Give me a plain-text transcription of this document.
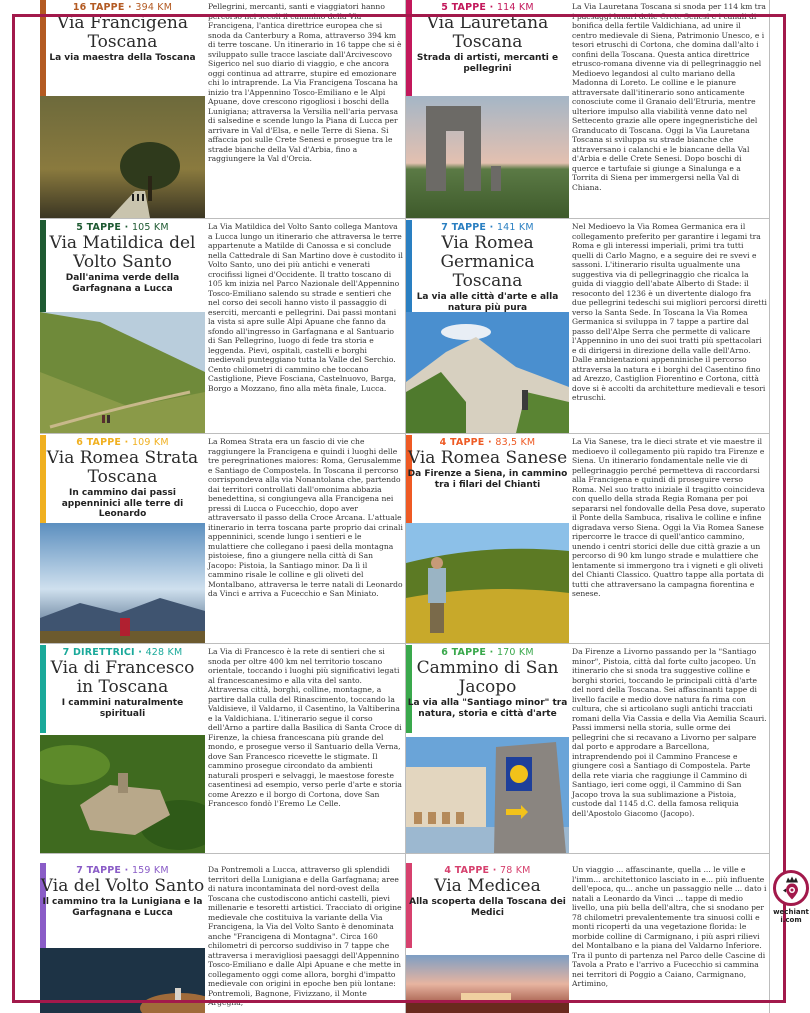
16 TAPPE · 394 KM
Via Francigena Toscana
La via maestra della Toscana
Pellegrini, mercanti, santi e viaggiatori hanno percorso nei secoli il cammino della Via Francigena, l'antica direttrice europea che si snoda da Canterbury a Roma, attraverso 394 km di terre toscane. Un itinerario in 16 tappe che si è sviluppato sulle tracce lasciate dall'Arcivescovo Sigerico nel suo diario di viaggio, e che ancora oggi continua ad attrarre, stupire ed emozionare chi lo intraprende. La Via Francigena Toscana ha inizio tra l'Appennino Tosco-Emiliano e le Alpi Apuane, dove crescono rigogliosi i boschi della Lunigiana; attraversa la Versilia nell'aria pervasa di salsedine e scende lungo la Piana di Lucca per arrivare in Val d'Elsa, e nelle Terre di Siena. Si affaccia poi sulle Crete Senesi e prosegue tra le strade bianche della Val d'Arbia, fino a raggiungere la Val d'Orcia.
5 TAPPE · 114 KM
Via Lauretana Toscana
Strada di artisti, mercanti e pellegrini
La Via Lauretana Toscana si snoda per 114 km tra i paesaggi lunari delle Crete Senesi e i canali di bonifica della fertile Valdichiana, ad unire il centro medievale di Siena, Patrimonio Unesco, e i tesori etruschi di Cortona, che domina dall'alto i confini della Toscana. Questa antica direttrice etrusco-romana divenne via di pellegrinaggio nel Medioevo legandosi al culto mariano della Madonna di Loreto. Le colline e le pianure attraversate dall'itinerario sono anticamente conosciute come il Granaio dell'Etruria, mentre ulteriore impulso alla viabilità venne dato nel Settecento grazie alle opere ingegneristiche del Granducato di Toscana. Oggi la Via Lauretana Toscana si sviluppa su strade bianche che attraversano i calanchi e le biancane della Val d'Arbia e delle Crete Senesi. Dopo boschi di querce e tartufaie si giunge a Sinalunga e a Torrita di Siena per immergersi nella Val di Chiana.
5 TAPPE · 105 KM
Via Matildica del Volto Santo
Dall'anima verde della Garfagnana a Lucca
La Via Matildica del Volto Santo collega Mantova a Lucca lungo un itinerario che attraversa le terre appartenute a Matilde di Canossa e si conclude nella Cattedrale di San Martino dove è custodito il Volto Santo, uno dei più antichi e venerati crocifissi lignei d'Occidente. Il tratto toscano di 105 km inizia nel Parco Nazionale dell'Appennino Tosco-Emiliano salendo su strade e sentieri che nel corso dei secoli hanno visto il passaggio di eserciti, mercanti e pellegrini. Dai passi montani la vista si apre sulle Alpi Apuane che fanno da sfondo all'ingresso in Garfagnana e al Santuario di San Pellegrino, luogo di fede tra storia e leggenda. Pievi, ospitali, castelli e borghi medievali punteggiano tutta la Valle del Serchio. Cento chilometri di cammino che toccano Castiglione, Pieve Fosciana, Castelnuovo, Barga, Borgo a Mozzano, fino alla mèta finale, Lucca.
7 TAPPE · 141 KM
Via Romea Germanica Toscana
La via alle città d'arte e alla natura più pura
Nel Medioevo la Via Romea Germanica era il collegamento preferito per garantire i legami tra Roma e gli interessi imperiali, primi tra tutti quelli di Carlo Magno, e a seguire dei re svevi e sassoni. L'itinerario risulta ugualmente una suggestiva via di pellegrinaggio che ricalca la guida di viaggio dell'abate Alberto di Stade: il resoconto del 1236 è un divertente dialogo fra due pellegrini tedeschi sui migliori percorsi diretti verso la Santa Sede. In Toscana la Via Romea Germanica si sviluppa in 7 tappe a partire dal passo dell'Alpe Serra che permette di valicare l'Appennino in uno dei suoi tratti più spettacolari e di dirigersi in direzione della valle dell'Arno. Dalle ambientazioni appenniniche il percorso attraversa la natura e i borghi del Casentino fino ad Arezzo, Castiglion Fiorentino e Cortona, città dove si è accolti da architetture medievali e tesori etruschi.
6 TAPPE · 109 KM
Via Romea Strata Toscana
In cammino dai passi appenninici alle terre di Leonardo
La Romea Strata era un fascio di vie che raggiungere la Francigena e quindi i luoghi delle tre peregrinationes maiores: Roma, Gerusalemme e Santiago de Compostela. In Toscana il percorso corrispondeva alla via Nonantolana che, partendo dai territori controllati dall'omonima abbazia benedettina, si congiungeva alla Francigena nei pressi di Lucca o Fucecchio, dopo aver attraversato il passo della Croce Arcana. L'attuale itinerario in terra toscana parte proprio dai crinali appenninici, scende lungo i sentieri e le mulattiere che collegano i paesi della montagna pistoiese, fino a giungere nella città di San Jacopo: Pistoia, la Santiago minor. Da lì il cammino risale le colline e gli oliveti del Montalbano, attraversa le terre natali di Leonardo da Vinci e arriva a Fucecchio e San Miniato.
4 TAPPE · 83,5 KM
Via Romea Sanese
Da Firenze a Siena, in cammino tra i filari del Chianti
La Via Sanese, tra le dieci strate et vie maestre il medioevo il collegamento più rapido tra Firenze e Siena. Un itinerario fondamentale nelle vie di pellegrinaggio perché permetteva di raccordarsi alla Francigena e quindi di proseguire verso Roma. Nel suo tratto iniziale il tragitto coincideva con quello della strada Regia Romana per poi separarsi nel fondovalle della Pesa dove, superato il Ponte della Sambuca, risaliva le colline e infine digradava verso Siena. Oggi la Via Romea Sanese ripercorre le tracce di quell'antico cammino, unendo i centri storici delle due città grazie a un percorso di 90 km lungo strade e mulattiere che lentamente si immergono tra i vigneti e gli oliveti del Chianti Classico. Quattro tappe alla portata di tutti che attraversano la campagna fiorentina e senese.
7 DIRETTRICI · 428 KM
Via di Francesco in Toscana
I cammini naturalmente spirituali
La Via di Francesco è la rete di sentieri che si snoda per oltre 400 km nel territorio toscano orientale, toccando i luoghi più significativi legati al francescanesimo e alla vita del santo. Attraversa città, borghi, colline, montagne, a partire dalla culla del Rinascimento, toccando la Valdisieve, il Valdarno, il Casentino, la Valtiberina e la Valdichiana. L'itinerario segue il corso dell'Arno a partire dalla Basilica di Santa Croce di Firenze, la chiesa francescana più grande del mondo, e prosegue verso il Santuario della Verna, dove San Francesco ricevette le stigmate. Il cammino prosegue circondato da ambienti naturali prosperi e selvaggi, le maestose foreste casentinesi ad esempio, verso perle d'arte e storia come Arezzo e il borgo di Cortona, dove San Francesco fondò l'Eremo Le Celle.
6 TAPPE · 170 KM
Cammino di San Jacopo
La via alla "Santiago minor" tra natura, storia e città d'arte
Da Firenze a Livorno passando per la "Santiago minor", Pistoia, città dal forte culto jacopeo. Un itinerario che si snoda tra suggestive colline e borghi storici, toccando le principali città d'arte del nord della Toscana. Sei affascinanti tappe di livello facile e medio dove natura fa rima con cultura, che si articolano sugli antichi tracciati romani della Via Cassia e della Via Aemilia Scauri. Passi immersi nella storia, sulle orme dei pellegrini che si recavano a Livorno per salpare dal porto e approdare a Barcellona, intraprendendo poi il Cammino Francese e giungere così a Santiago di Compostela. Parte della rete viaria che raggiunge il Cammino di Santiago, ieri come oggi, il Cammino di San Jacopo trova la sua sublimazione a Pistoia, custode dal 1145 d.C. della famosa reliquia dell'Apostolo Giacomo (Jacopo).
7 TAPPE · 159 KM
Via del Volto Santo
Il cammino tra la Lunigiana e la Garfagnana e Lucca
Da Pontremoli a Lucca, attraverso gli splendidi territori della Lunigiana e della Garfagnana; aree di natura incontaminata del nord-ovest della Toscana che custodiscono antichi castelli, pievi millenarie e tesoretti artistici. Tracciato di origine medievale che costituiva la variante della Via Francigena, la Via del Volto Santo è denominata anche "Francigena di Montagna". Circa 160 chilometri di percorso suddiviso in 7 tappe che attraversa i meravigliosi paesaggi dell'Appennino Tosco-Emiliano e dalle Alpi Apuane e che mette in collegamento oggi come allora, borghi d'impatto medievale con origini in epoche ben più lontane: Pontremoli, Bagnone, Fivizzano, il Monte Argegna,
4 TAPPE · 78 KM
Via Medicea
Alla scoperta della Toscana dei Medici
Un viaggio ... affascinante, quella ... le ville e l'imm... architettonico lasciato in e... più influente dell'epoca, qu... anche un passaggio nelle ... dato i natali a Leonardo da Vinci ... tappe di medio livello, una più bella dell'altra, che si snodano per 78 chilometri prevalentemente tra sinuosi colli e monti ricoperti da una vegetazione florida: le morbide colline di Carmignano, i più aspri rilievi del Montalbano e la piana del Valdarno Inferiore. Tra il punto di partenza nel Parco delle Cascine di Tavola a Prato e l'arrivo a Fucecchio si cammina nei territori di Poggio a Caiano, Carmignano, Artimino,
wechianti.com
